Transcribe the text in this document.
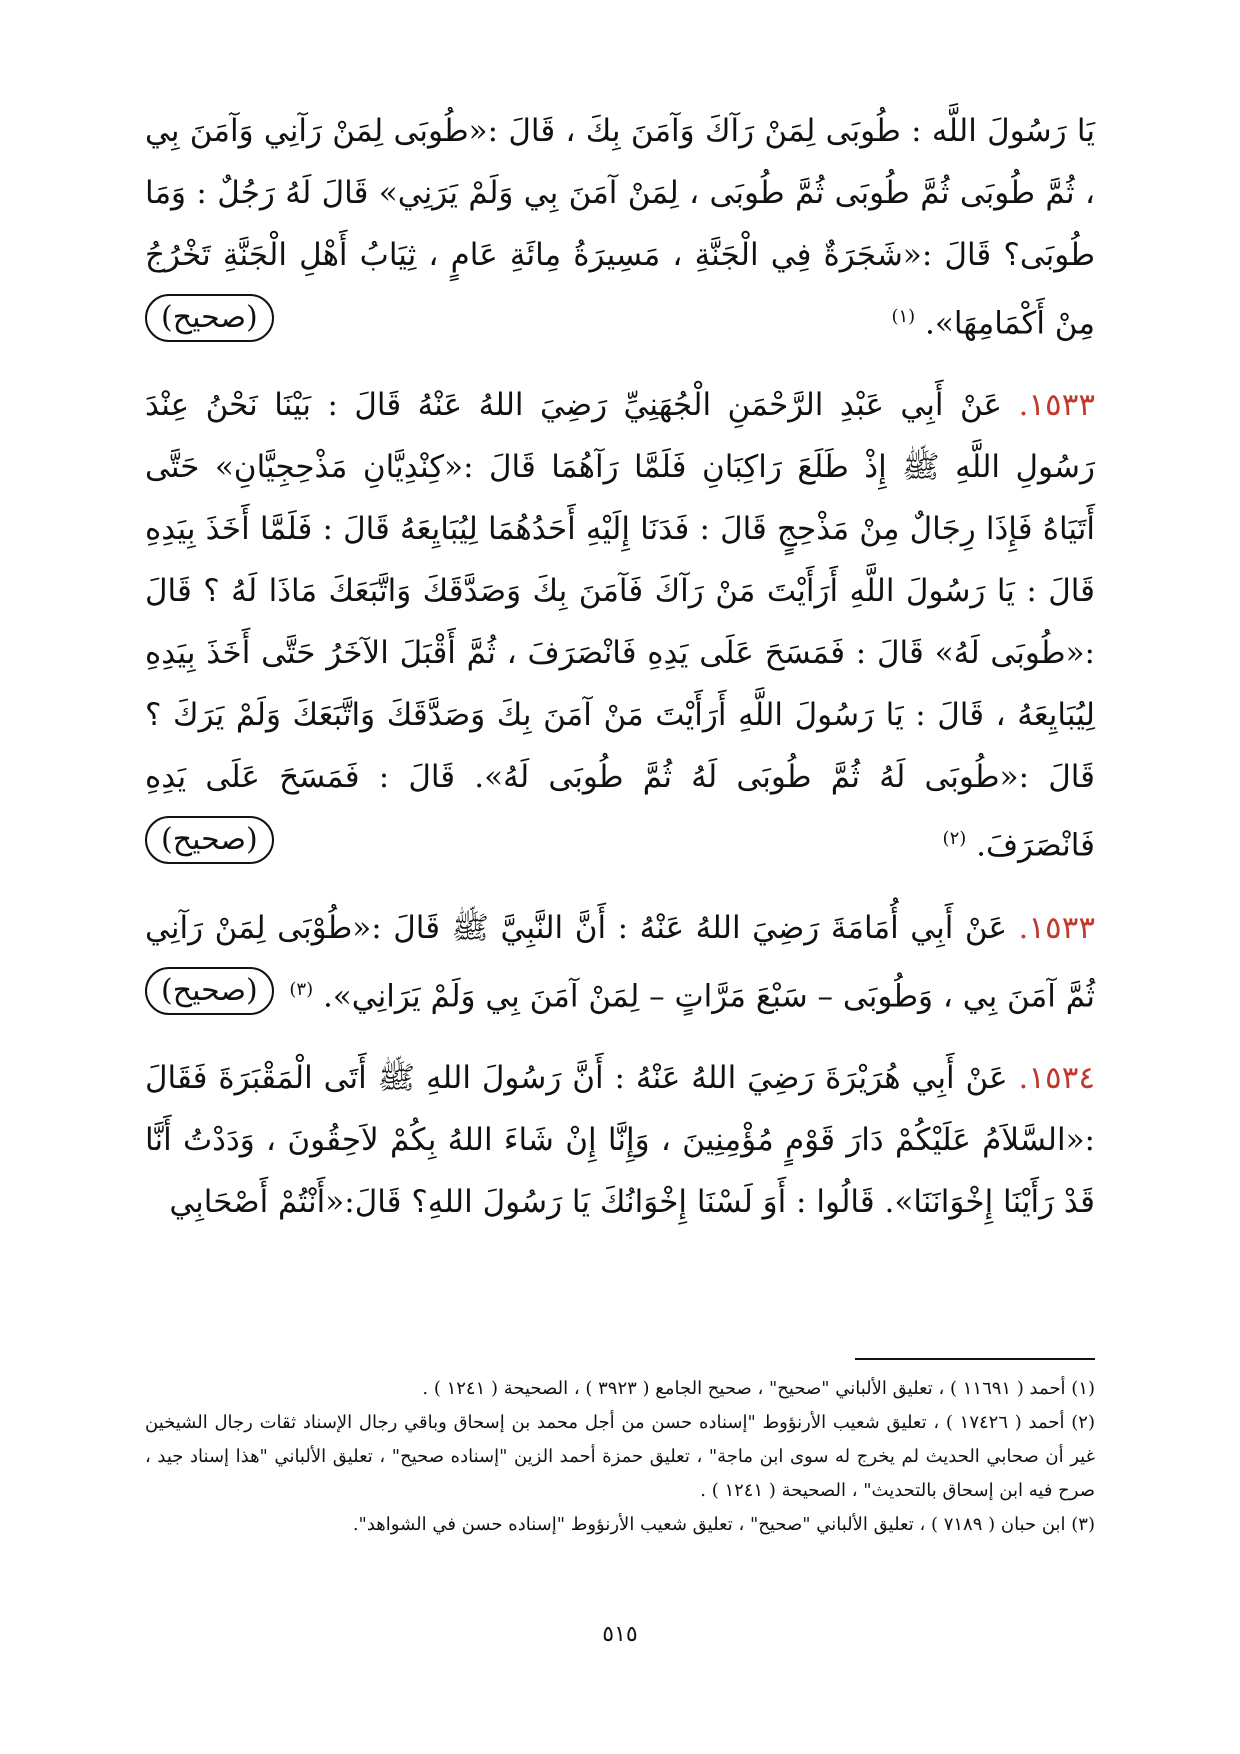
يَا رَسُولَ اللَّه : طُوبَى لِمَنْ رَآكَ وَآمَنَ بِكَ ، قَالَ :«طُوبَى لِمَنْ رَآنِي وَآمَنَ بِي ، ثُمَّ طُوبَى ثُمَّ طُوبَى ثُمَّ طُوبَى ، لِمَنْ آمَنَ بِي وَلَمْ يَرَنِي» قَالَ لَهُ رَجُلٌ : وَمَا طُوبَى؟ قَالَ :«شَجَرَةٌ فِي الْجَنَّةِ ، مَسِيرَةُ مِائَةِ عَامٍ ، ثِيَابُ أَهْلِ الْجَنَّةِ تَخْرُجُ مِنْ أَكْمَامِهَا». $^{(١)}$
(صحيح)

١٥٣٣. عَنْ أَبِي عَبْدِ الرَّحْمَنِ الْجُهَنِيِّ رَضِيَ اللهُ عَنْهُ قَالَ : بَيْنَا نَحْنُ عِنْدَ رَسُولِ اللَّهِ ﷺ إِذْ طَلَعَ رَاكِبَانِ فَلَمَّا رَآهُمَا قَالَ :«كِنْدِيَّانِ مَذْحِجِيَّانِ» حَتَّى أَتَيَاهُ فَإِذَا رِجَالٌ مِنْ مَذْحِجٍ قَالَ : فَدَنَا إِلَيْهِ أَحَدُهُمَا لِيُبَايِعَهُ قَالَ : فَلَمَّا أَخَذَ بِيَدِهِ قَالَ : يَا رَسُولَ اللَّهِ أَرَأَيْتَ مَنْ رَآكَ فَآمَنَ بِكَ وَصَدَّقَكَ وَاتَّبَعَكَ مَاذَا لَهُ ؟ قَالَ :«طُوبَى لَهُ» قَالَ : فَمَسَحَ عَلَى يَدِهِ فَانْصَرَفَ ، ثُمَّ أَقْبَلَ الآخَرُ حَتَّى أَخَذَ بِيَدِهِ لِيُبَايِعَهُ ، قَالَ : يَا رَسُولَ اللَّهِ أَرَأَيْتَ مَنْ آمَنَ بِكَ وَصَدَّقَكَ وَاتَّبَعَكَ وَلَمْ يَرَكَ ؟ قَالَ :«طُوبَى لَهُ ثُمَّ طُوبَى لَهُ ثُمَّ طُوبَى لَهُ». قَالَ : فَمَسَحَ عَلَى يَدِهِ فَانْصَرَفَ. $^{(٢)}$
(صحيح)

١٥٣٣. عَنْ أَبِي أُمَامَةَ رَضِيَ اللهُ عَنْهُ : أَنَّ النَّبِيَّ ﷺ قَالَ :«طُوْبَى لِمَنْ رَآنِي ثُمَّ آمَنَ بِي ، وَطُوبَى – سَبْعَ مَرَّاتٍ – لِمَنْ آمَنَ بِي وَلَمْ يَرَانِي». $^{(٣)}$
(صحيح)

١٥٣٤. عَنْ أَبِي هُرَيْرَةَ رَضِيَ اللهُ عَنْهُ : أَنَّ رَسُولَ اللهِ ﷺ أَتَى الْمَقْبَرَةَ فَقَالَ :«السَّلاَمُ عَلَيْكُمْ دَارَ قَوْمٍ مُؤْمِنِينَ ، وَإِنَّا إِنْ شَاءَ اللهُ بِكُمْ لاَحِقُونَ ، وَدَدْتُ أَنَّا قَدْ رَأَيْنَا إِخْوَانَنَا». قَالُوا : أَوَ لَسْنَا إِخْوَانُكَ يَا رَسُولَ اللهِ؟ قَالَ:«أَنْتُمْ أَصْحَابِي

(١) أحمد ( ١١٦٩١ ) ، تعليق الألباني "صحيح" ، صحيح الجامع ( ٣٩٢٣ ) ، الصحيحة ( ١٢٤١ ) .

(٢) أحمد ( ١٧٤٢٦ ) ، تعليق شعيب الأرنؤوط "إسناده حسن من أجل محمد بن إسحاق وباقي رجال الإسناد ثقات رجال الشيخين غير أن صحابي الحديث لم يخرج له سوى ابن ماجة" ، تعليق حمزة أحمد الزين "إسناده صحيح" ، تعليق الألباني "هذا إسناد جيد ، صرح فيه ابن إسحاق بالتحديث" ، الصحيحة ( ١٢٤١ ) .

(٣) ابن حبان ( ٧١٨٩ ) ، تعليق الألباني "صحيح" ، تعليق شعيب الأرنؤوط "إسناده حسن في الشواهد".

٥١٥
